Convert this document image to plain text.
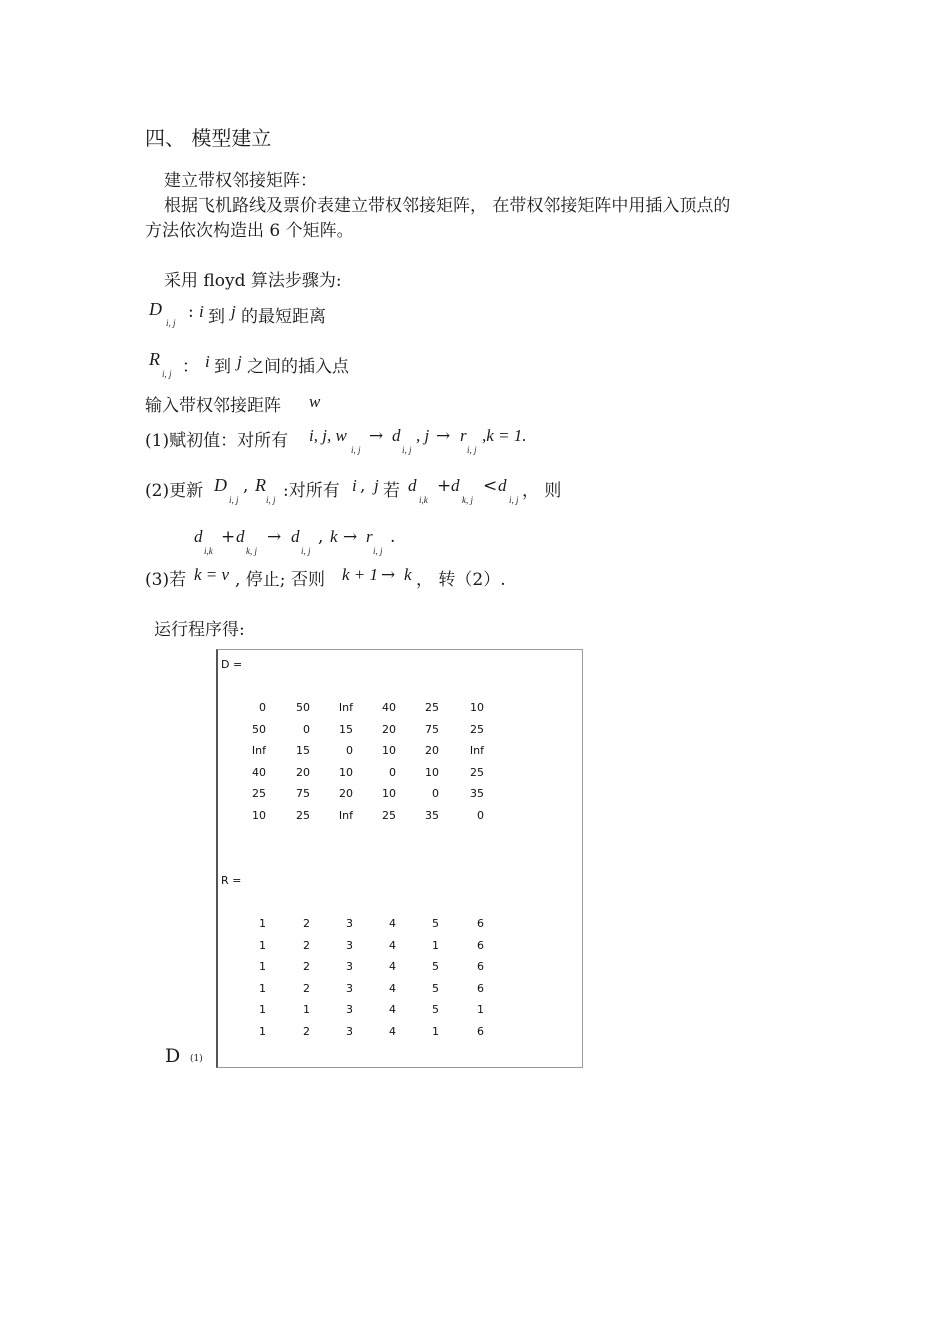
四、 模型建立
建立带权邻接矩阵：
根据飞机路线及票价表建立带权邻接矩阵， 在带权邻接矩阵中用插入顶点的
方法依次构造出 6 个矩阵。
采用 floyd 算法步骤为:
D
i, j
: i 到 j 的最短距离
R
i, j ： i 到 j 之间的插入点
输入带权邻接距阵 w
(1)赋初值：对所有 i, j, w
i, j
→ d
i, j
, j → r
i, j
,k = 1.
(2)更新 D
i, j
, R
i, j :对所有 i , j 若 d
i,k
+ d
k, j
< d
i, j ， 则
d
i,k
+ d
k, j
→ d
i, j
, k → r
i, j
.
(3)若 k = v , 停止; 否则 k + 1 → k ， 转（2）.
运行程序得:
D =
0	50	Inf	40	25	10
50	0	15	20	75	25
Inf	15	0	10	20	Inf
40	20	10	0	10	25
25	75	20	10	0	35
10	25	Inf	25	35	0
R =
1	2	3	4	5	6
1	2	3	4	1	6
1	2	3	4	5	6
1	2	3	4	5	6
1	1	3	4	5	1
1	2	3	4	1	6
D (1)
